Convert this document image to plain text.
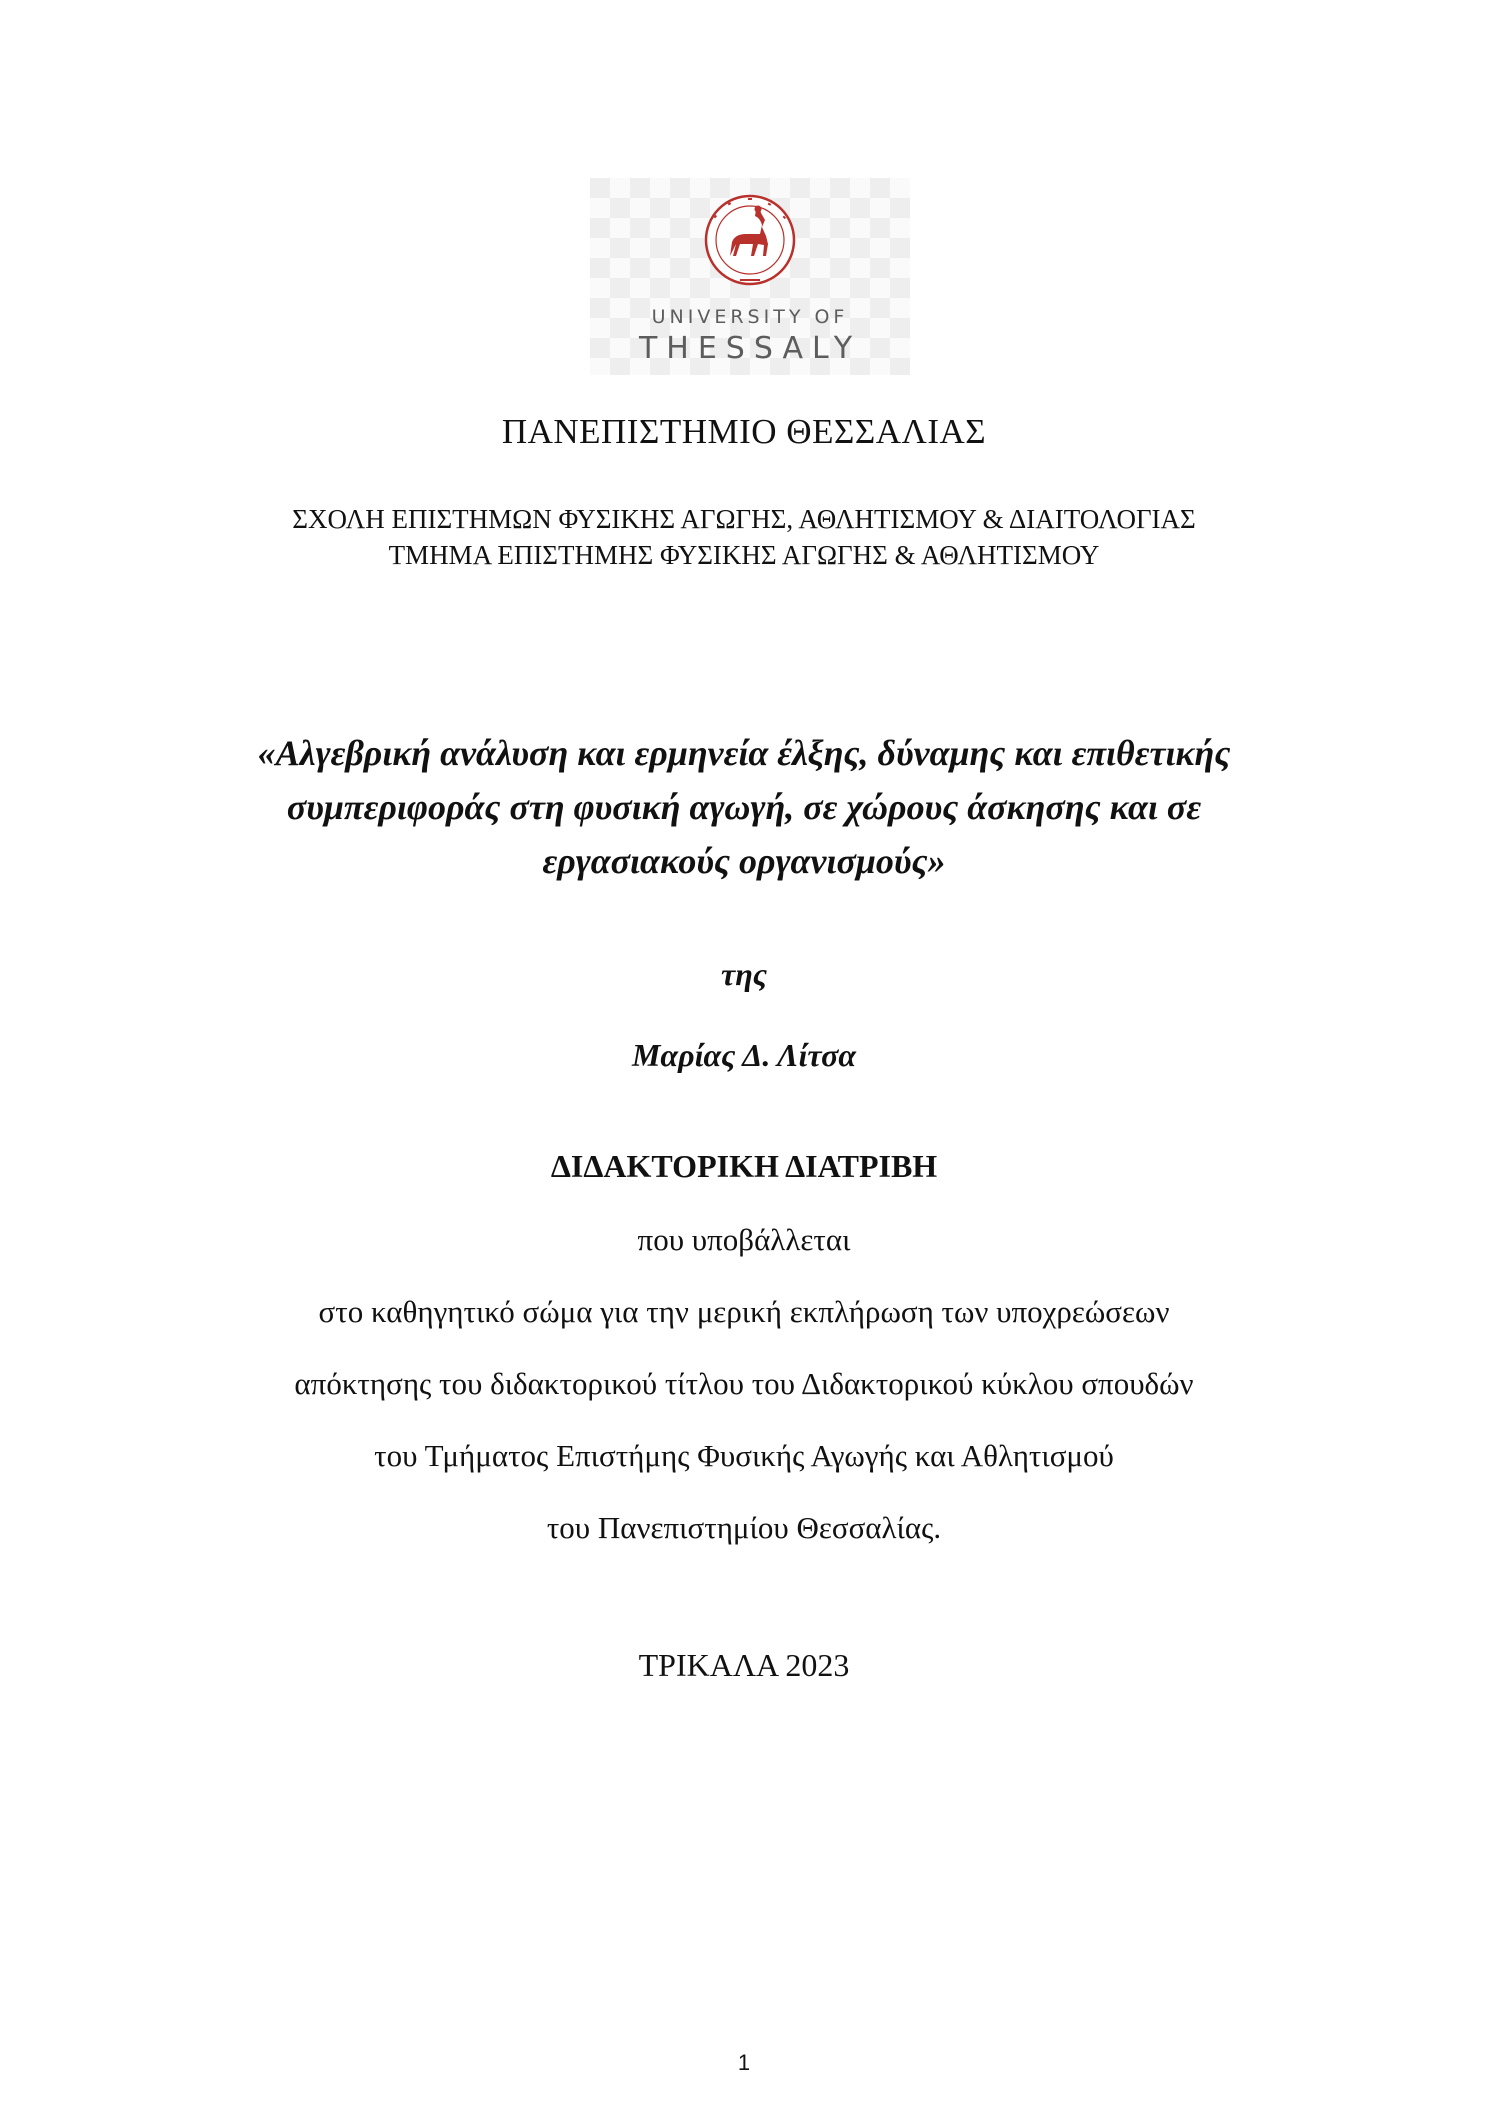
UNIVERSITY OF
THESSALY
ΠΑΝΕΠΙΣΤΗΜΙΟ ΘΕΣΣΑΛΙΑΣ
ΣΧΟΛΗ ΕΠΙΣΤΗΜΩΝ ΦΥΣΙΚΗΣ ΑΓΩΓΗΣ, ΑΘΛΗΤΙΣΜΟΥ & ΔΙΑΙΤΟΛΟΓΙΑΣ
ΤΜΗΜΑ ΕΠΙΣΤΗΜΗΣ ΦΥΣΙΚΗΣ ΑΓΩΓΗΣ & ΑΘΛΗΤΙΣΜΟΥ
«Αλγεβρική ανάλυση και ερμηνεία έλξης, δύναμης και επιθετικής
συμπεριφοράς στη φυσική αγωγή, σε χώρους άσκησης και σε
εργασιακούς οργανισμούς»
της
Μαρίας Δ. Λίτσα
ΔΙΔΑΚΤΟΡΙΚΗ ΔΙΑΤΡΙΒΗ
που υποβάλλεται
στο καθηγητικό σώμα για την μερική εκπλήρωση των υποχρεώσεων
απόκτησης του διδακτορικού τίτλου του Διδακτορικού κύκλου σπουδών
του Τμήματος Επιστήμης Φυσικής Αγωγής και Αθλητισμού
του Πανεπιστημίου Θεσσαλίας.
ΤΡΙΚΑΛΑ 2023
1
